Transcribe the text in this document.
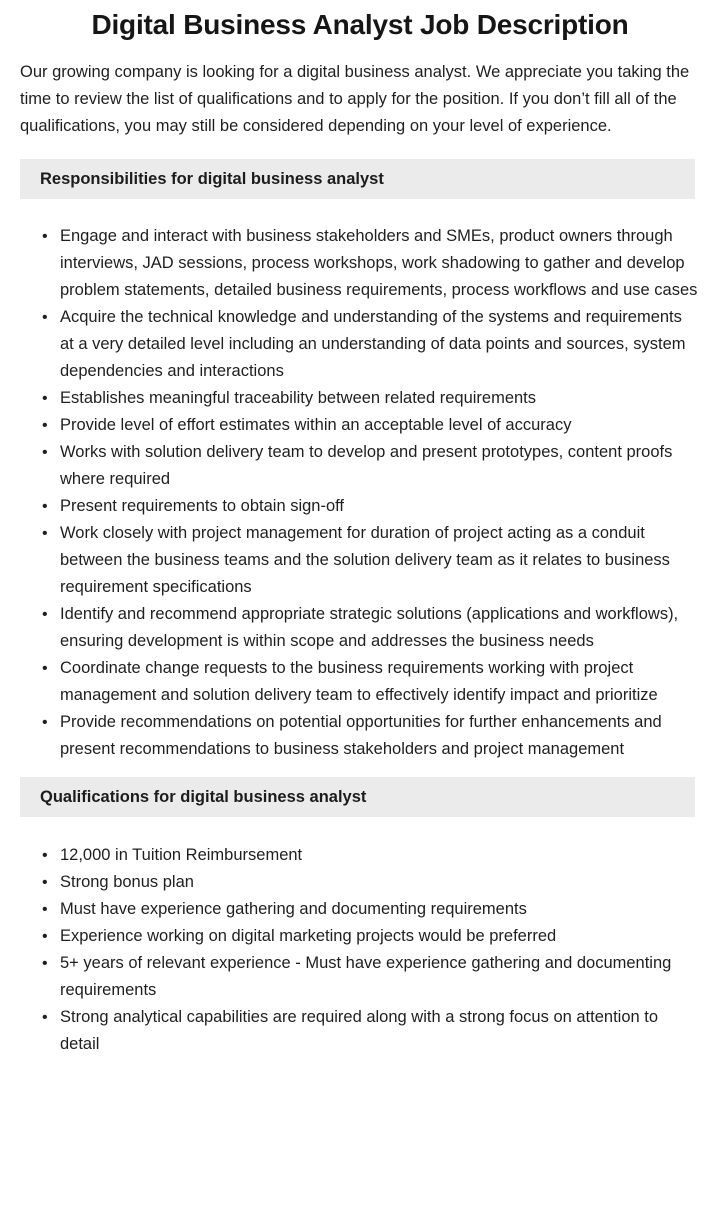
Digital Business Analyst Job Description

Our growing company is looking for a digital business analyst. We appreciate you taking the time to review the list of qualifications and to apply for the position. If you don’t fill all of the qualifications, you may still be considered depending on your level of experience.

Responsibilities for digital business analyst
• Engage and interact with business stakeholders and SMEs, product owners through interviews, JAD sessions, process workshops, work shadowing to gather and develop problem statements, detailed business requirements, process workflows and use cases
• Acquire the technical knowledge and understanding of the systems and requirements at a very detailed level including an understanding of data points and sources, system dependencies and interactions
• Establishes meaningful traceability between related requirements
• Provide level of effort estimates within an acceptable level of accuracy
• Works with solution delivery team to develop and present prototypes, content proofs where required
• Present requirements to obtain sign-off
• Work closely with project management for duration of project acting as a conduit between the business teams and the solution delivery team as it relates to business requirement specifications
• Identify and recommend appropriate strategic solutions (applications and workflows), ensuring development is within scope and addresses the business needs
• Coordinate change requests to the business requirements working with project management and solution delivery team to effectively identify impact and prioritize
• Provide recommendations on potential opportunities for further enhancements and present recommendations to business stakeholders and project management
Qualifications for digital business analyst
• 12,000 in Tuition Reimbursement
• Strong bonus plan
• Must have experience gathering and documenting requirements
• Experience working on digital marketing projects would be preferred
• 5+ years of relevant experience - Must have experience gathering and documenting requirements
• Strong analytical capabilities are required along with a strong focus on attention to detail
